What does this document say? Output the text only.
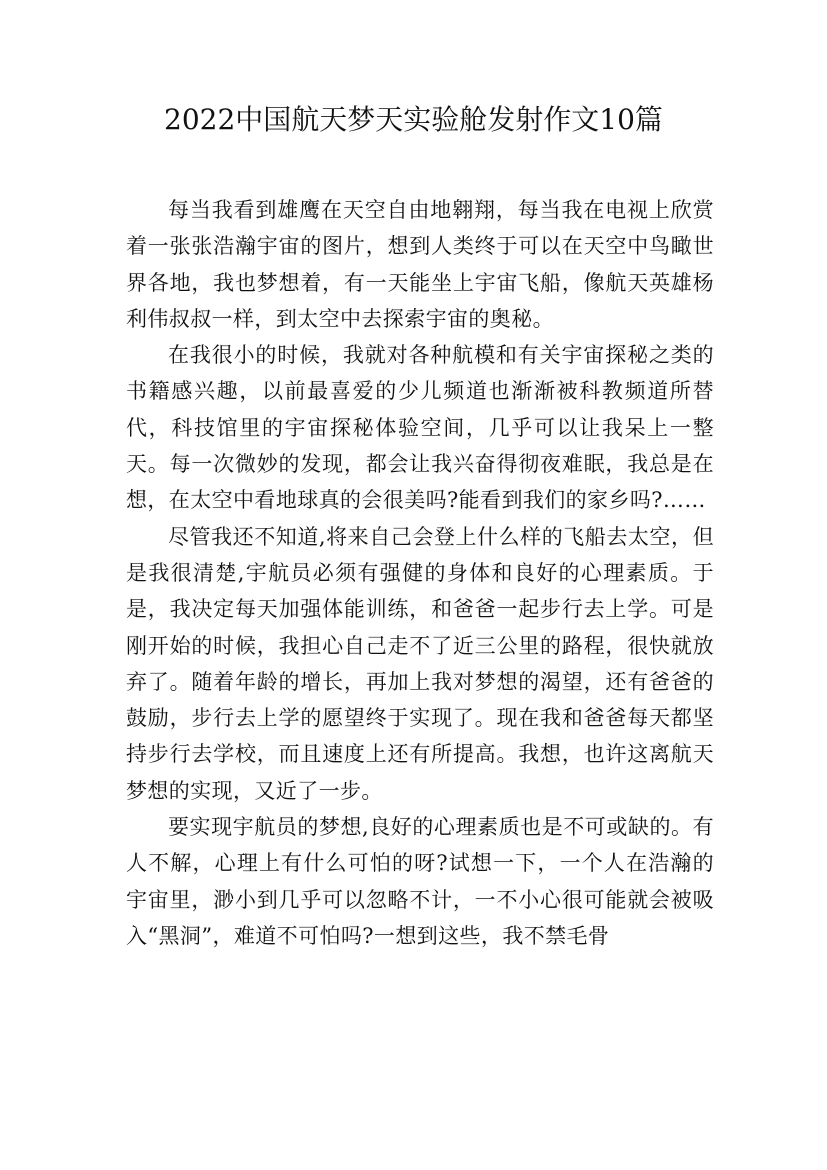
2022中国航天梦天实验舱发射作文10篇

每当我看到雄鹰在天空自由地翱翔，每当我在电视上欣赏着一张张浩瀚宇宙的图片，想到人类终于可以在天空中鸟瞰世界各地，我也梦想着，有一天能坐上宇宙飞船，像航天英雄杨利伟叔叔一样，到太空中去探索宇宙的奥秘。

在我很小的时候，我就对各种航模和有关宇宙探秘之类的书籍感兴趣，以前最喜爱的少儿频道也渐渐被科教频道所替代，科技馆里的宇宙探秘体验空间，几乎可以让我呆上一整天。每一次微妙的发现，都会让我兴奋得彻夜难眠，我总是在想，在太空中看地球真的会很美吗?能看到我们的家乡吗?……

尽管我还不知道,将来自己会登上什么样的飞船去太空，但是我很清楚,宇航员必须有强健的身体和良好的心理素质。于是，我决定每天加强体能训练，和爸爸一起步行去上学。可是刚开始的时候，我担心自己走不了近三公里的路程，很快就放弃了。随着年龄的增长，再加上我对梦想的渴望，还有爸爸的鼓励，步行去上学的愿望终于实现了。现在我和爸爸每天都坚持步行去学校，而且速度上还有所提高。我想，也许这离航天梦想的实现，又近了一步。

要实现宇航员的梦想,良好的心理素质也是不可或缺的。有人不解，心理上有什么可怕的呀?试想一下，一个人在浩瀚的宇宙里，渺小到几乎可以忽略不计，一不小心很可能就会被吸入“黑洞”，难道不可怕吗?一想到这些，我不禁毛骨
